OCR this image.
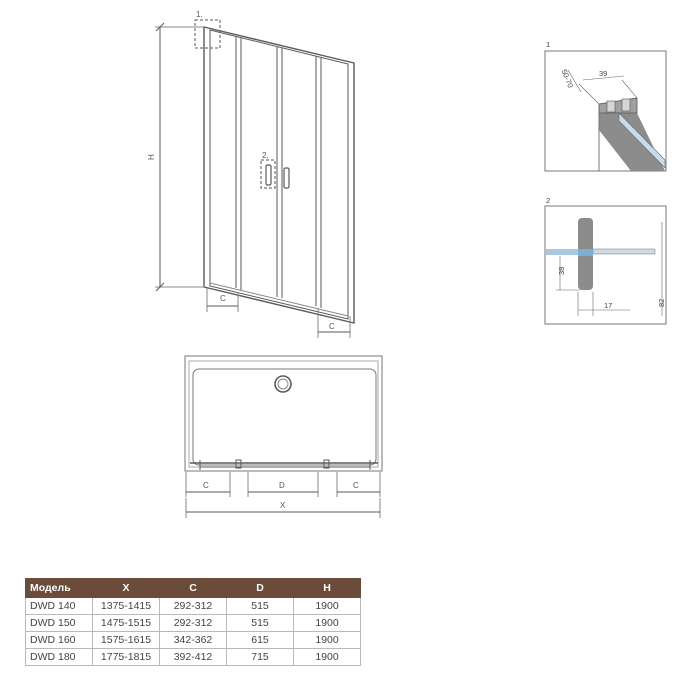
1.
2.
H
C
C
C	D	C
X
1
50-70	39
2
38
17	82
Модель	X	C	D	H
DWD 140	1375-1415	292-312	515	1900
DWD 150	1475-1515	292-312	515	1900
DWD 160	1575-1615	342-362	615	1900
DWD 180	1775-1815	392-412	715	1900
